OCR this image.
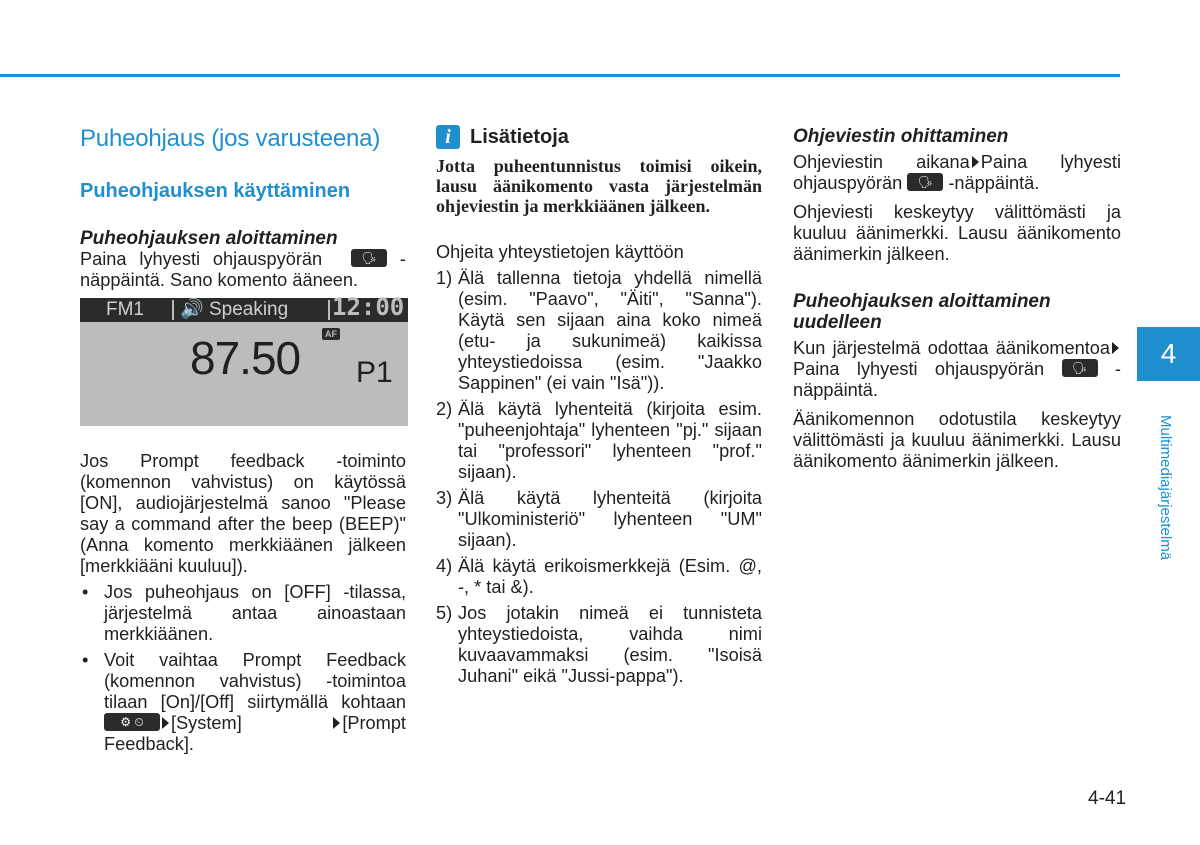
Puheohjaus (jos varusteena)
Puheohjauksen käyttäminen
Puheohjauksen aloittaminen

Paina lyhyesti ohjauspyörän	🗣 -näppäintä. Sano komento ääneen.

FM1 🔊 Speaking 12:00
AF
87.50 P1

Jos Prompt feedback -toiminto (komennon vahvistus) on käytössä [ON], audiojärjestelmä sanoo "Please say a command after the beep (BEEP)" (Anna komento merkkiäänen jälkeen [merkkiääni kuuluu]).

• Jos puheohjaus on [OFF] -tilassa, järjestelmä antaa ainoastaan merkkiäänen.
• Voit vaihtaa Prompt Feedback (komennon vahvistus) -toimintoa tilaan [On]/[Off] siirtymällä kohtaan ⚙ ⏲ [System]	[Prompt Feedback].
i Lisätietoja

Jotta puheentunnistus toimisi oikein, lausu äänikomento vasta järjestelmän ohjeviestin ja merkkiäänen jälkeen.

Ohjeita yhteystietojen käyttöön

1) Älä tallenna tietoja yhdellä nimellä (esim. "Paavo", "Äiti", "Sanna"). Käytä sen sijaan aina koko nimeä (etu- ja sukunimeä) kaikissa yhteystiedoissa (esim. "Jaakko Sappinen" (ei vain "Isä")).
2) Älä käytä lyhenteitä (kirjoita esim. "puheenjohtaja" lyhenteen "pj." sijaan tai "professori" lyhenteen "prof." sijaan).
3) Älä käytä lyhenteitä (kirjoita "Ulkoministeriö" lyhenteen "UM" sijaan).
4) Älä käytä erikoismerkkejä (Esim. @, -, * tai &).
5) Jos jotakin nimeä ei tunnisteta yhteystiedoista, vaihda nimi kuvaavammaksi (esim. "Isoisä Juhani" eikä "Jussi-pappa").
Ohjeviestin ohittaminen

Ohjeviestin aikana Paina lyhyesti ohjauspyörän 🗣 -näppäintä.

Ohjeviesti keskeytyy välittömästi ja kuuluu äänimerkki. Lausu äänikomento äänimerkin jälkeen.

Puheohjauksen aloittaminen uudelleen

Kun järjestelmä odottaa äänikomentoaPaina lyhyesti ohjauspyörän 🗣 -näppäintä.

Äänikomennon odotustila keskeytyy välittömästi ja kuuluu äänimerkki. Lausu äänikomento äänimerkin jälkeen.

4
Multimediajärjestelmä
4-41
